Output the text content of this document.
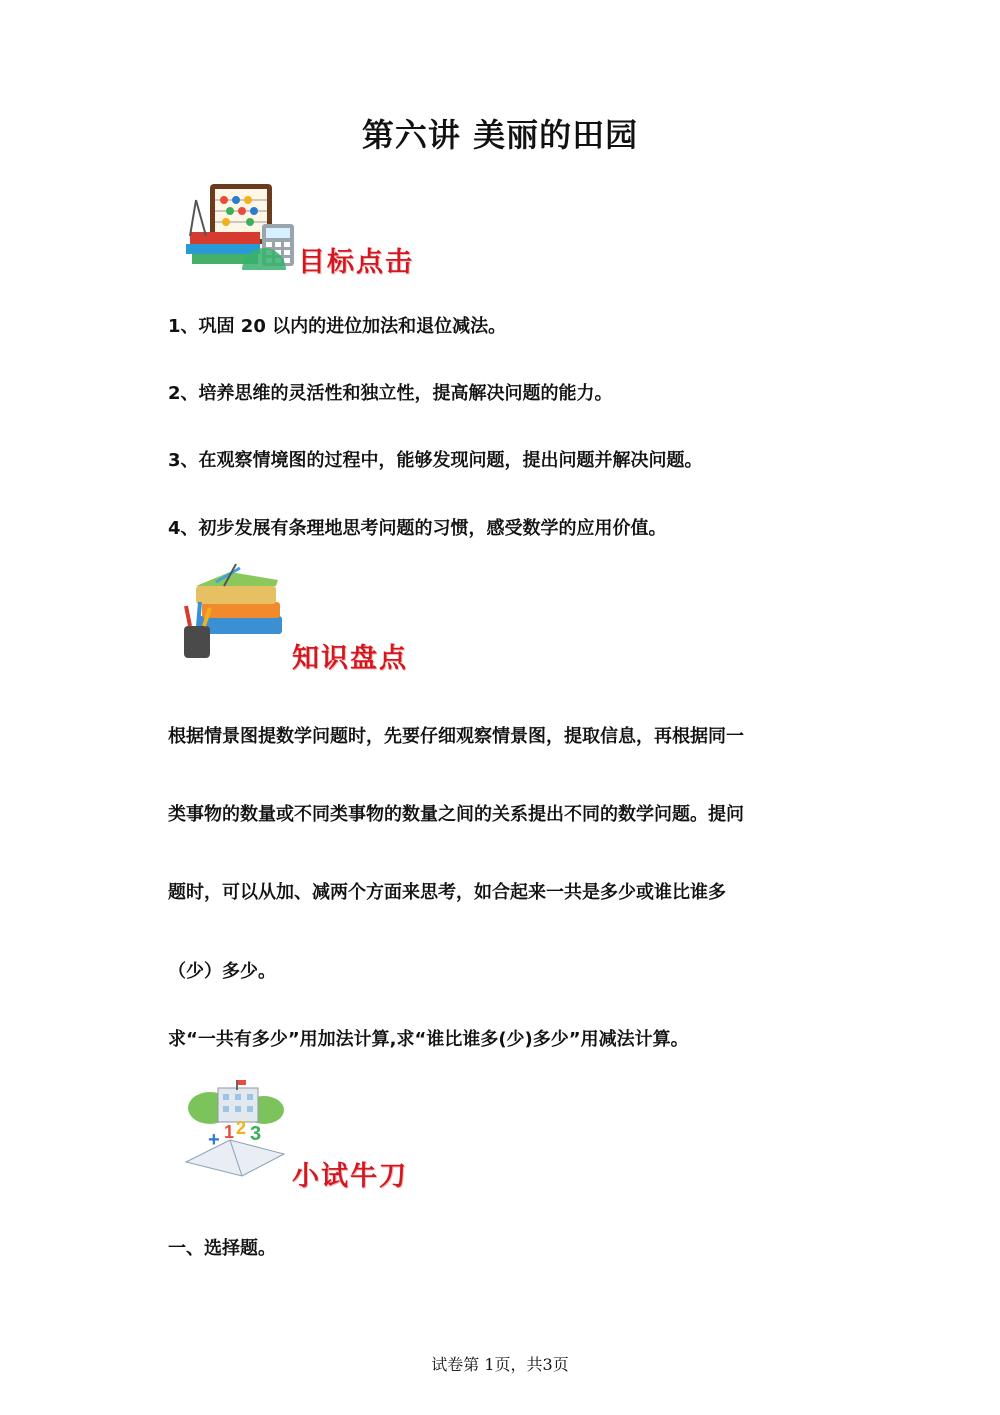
第六讲 美丽的田园
目标点击
1、巩固 20 以内的进位加法和退位减法。
2、培养思维的灵活性和独立性，提高解决问题的能力。
3、在观察情境图的过程中，能够发现问题，提出问题并解决问题。
4、初步发展有条理地思考问题的习惯，感受数学的应用价值。
知识盘点
根据情景图提数学问题时，先要仔细观察情景图，提取信息，再根据同一
类事物的数量或不同类事物的数量之间的关系提出不同的数学问题。提问
题时，可以从加、减两个方面来思考，如合起来一共是多少或谁比谁多
（少）多少。
求“一共有多少”用加法计算,求“谁比谁多(少)多少”用减法计算。
+ 1 2 3
小试牛刀
一、选择题。
试卷第 1页，共3页
